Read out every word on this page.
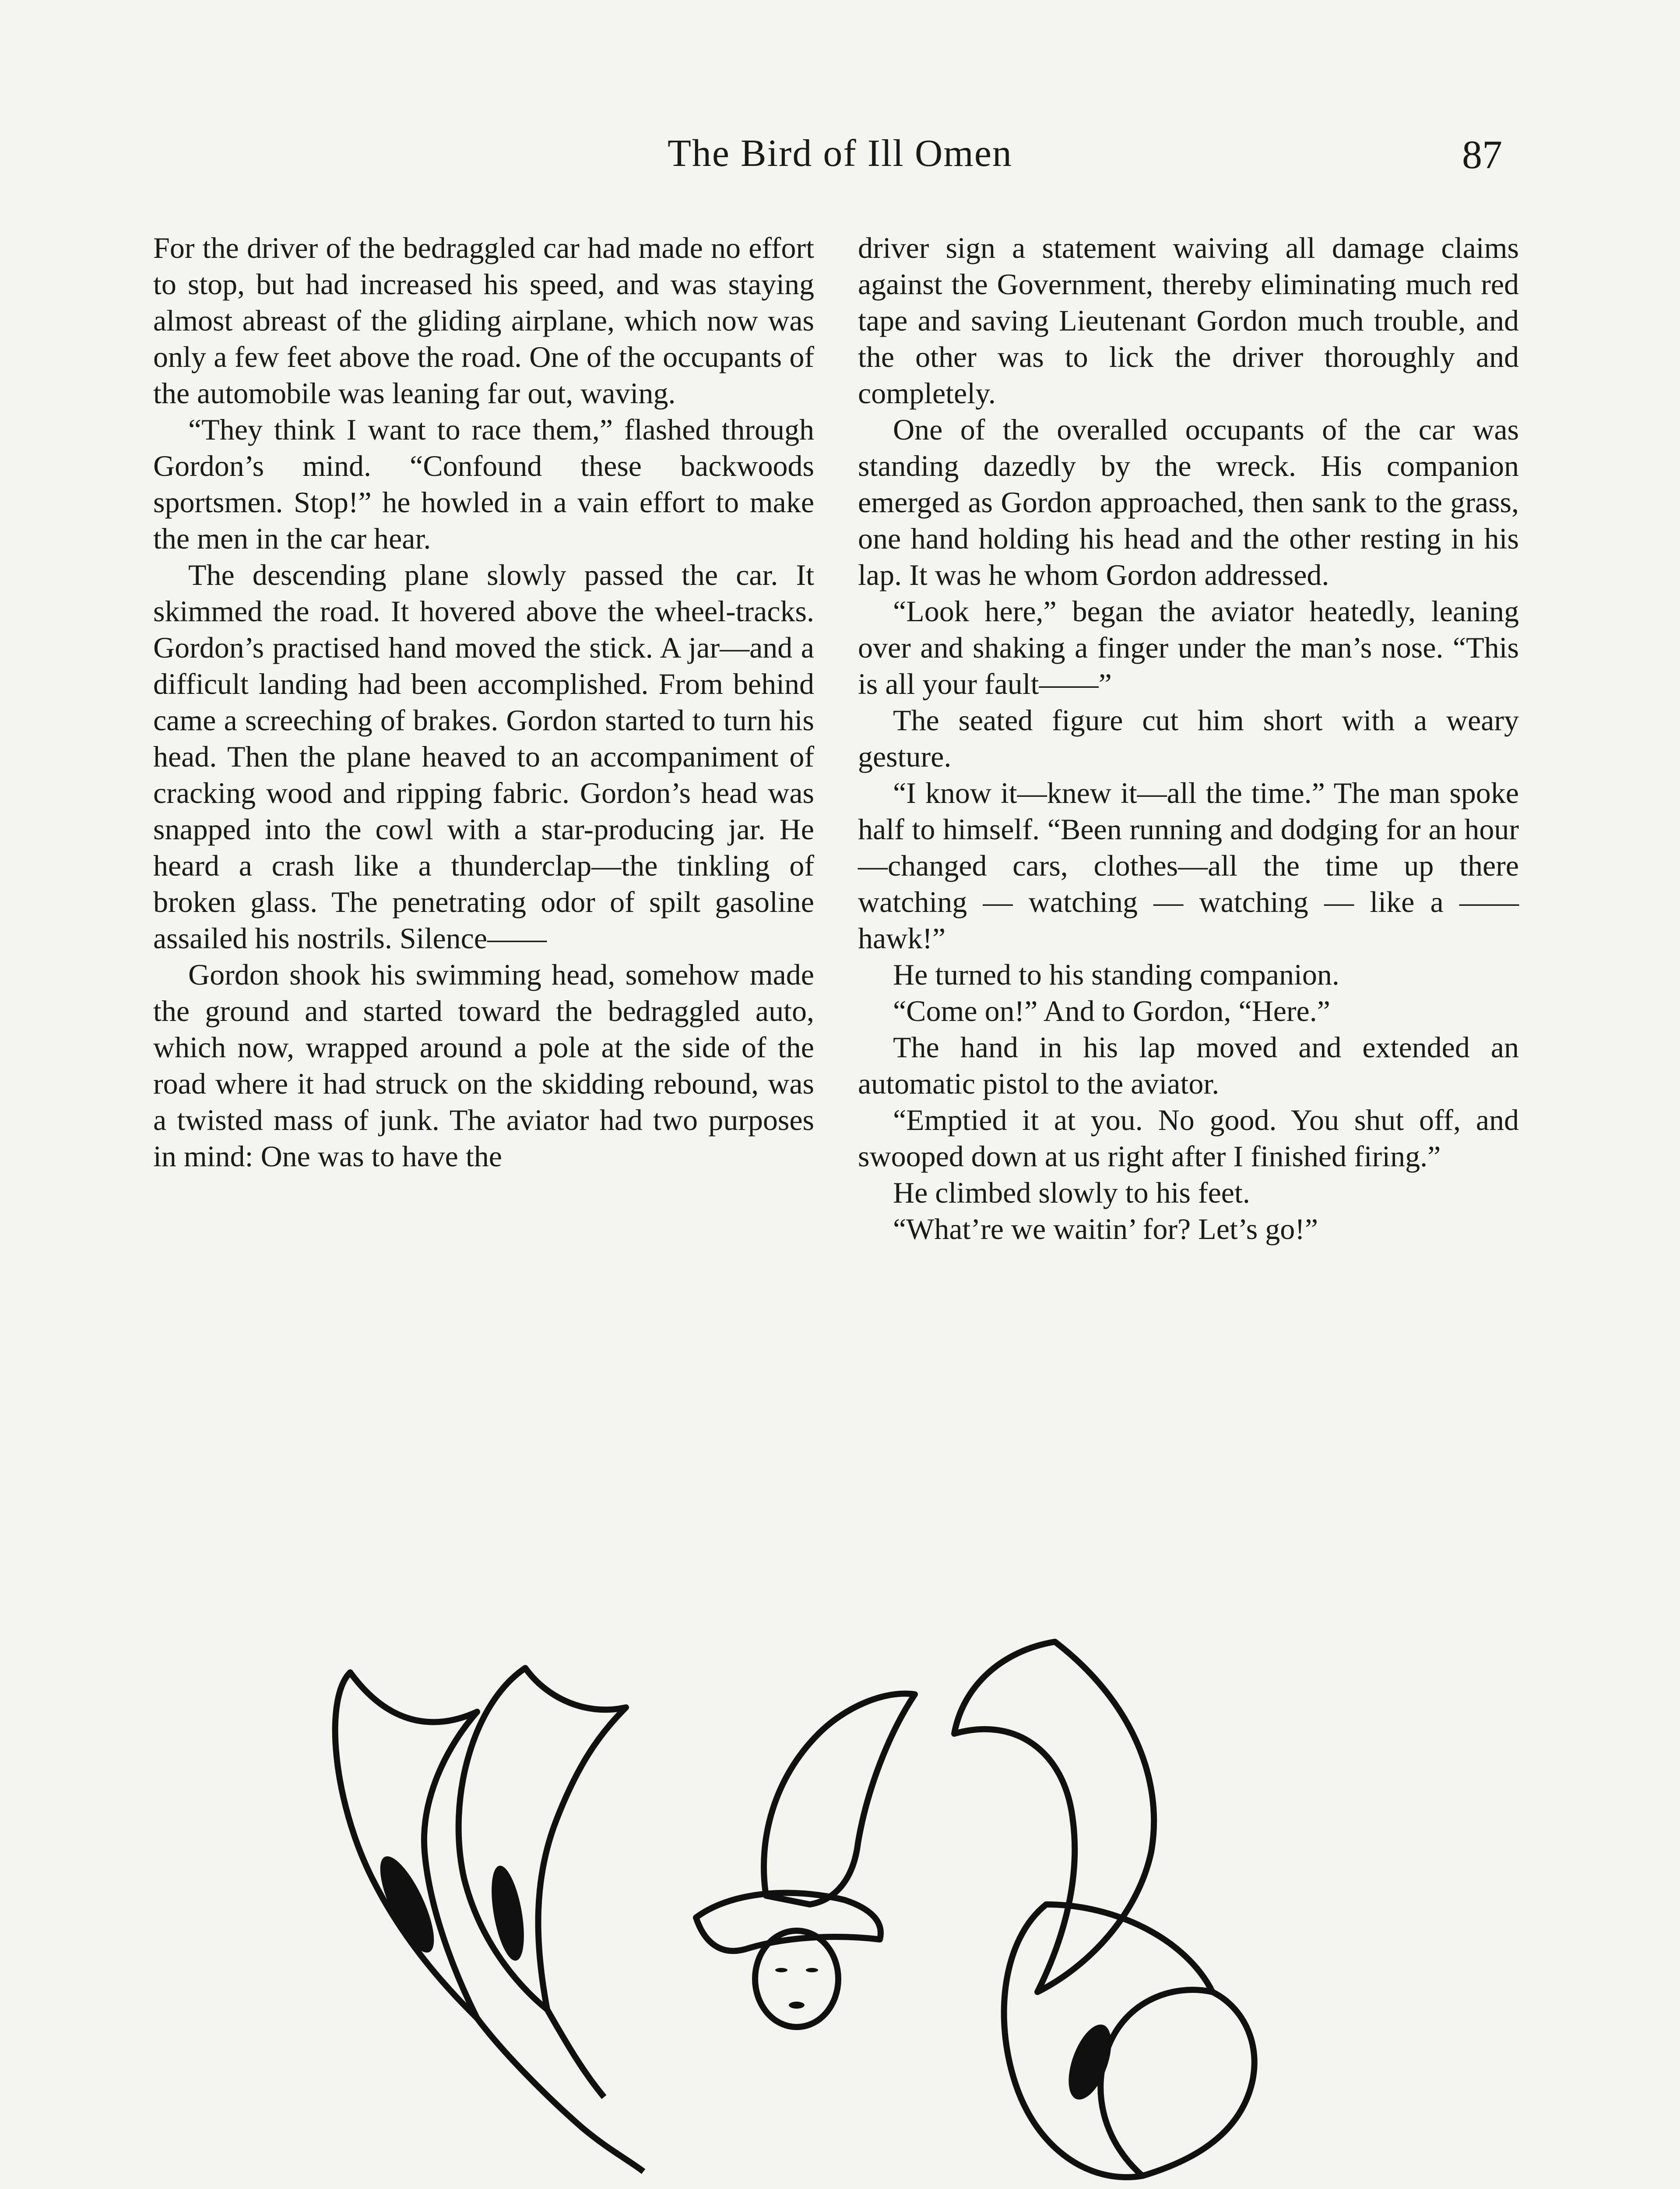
The Bird of Ill Omen	87

For the driver of the bedraggled car had made no effort to stop, but had increased his speed, and was staying almost abreast of the gliding airplane, which now was only a few feet above the road. One of the occupants of the automobile was leaning far out, waving.

“They think I want to race them,” flashed through Gordon’s mind. “Confound these backwoods sportsmen. Stop!” he howled in a vain effort to make the men in the car hear.

The descending plane slowly passed the car. It skimmed the road. It hovered above the wheel-tracks. Gordon’s practised hand moved the stick. A jar—and a difficult landing had been accomplished. From behind came a screeching of brakes. Gordon started to turn his head. Then the plane heaved to an accompaniment of cracking wood and ripping fabric. Gordon’s head was snapped into the cowl with a star-producing jar. He heard a crash like a thunderclap—the tinkling of broken glass. The penetrating odor of spilt gasoline assailed his nostrils. Silence——

Gordon shook his swimming head, somehow made the ground and started toward the bedraggled auto, which now, wrapped around a pole at the side of the road where it had struck on the skidding rebound, was a twisted mass of junk. The aviator had two purposes in mind: One was to have the

driver sign a statement waiving all damage claims against the Government, thereby eliminating much red tape and saving Lieutenant Gordon much trouble, and the other was to lick the driver thoroughly and completely.

One of the overalled occupants of the car was standing dazedly by the wreck. His companion emerged as Gordon approached, then sank to the grass, one hand holding his head and the other resting in his lap. It was he whom Gordon addressed.

“Look here,” began the aviator heatedly, leaning over and shaking a finger under the man’s nose. “This is all your fault——”

The seated figure cut him short with a weary gesture.

“I know it—knew it—all the time.” The man spoke half to himself. “Been running and dodging for an hour—changed cars, clothes—all the time up there watching — watching — watching — like a —— hawk!”

He turned to his standing companion.

“Come on!” And to Gordon, “Here.”

The hand in his lap moved and extended an automatic pistol to the aviator.

“Emptied it at you. No good. You shut off, and swooped down at us right after I finished firing.”

He climbed slowly to his feet.

“What’re we waitin’ for? Let’s go!”
